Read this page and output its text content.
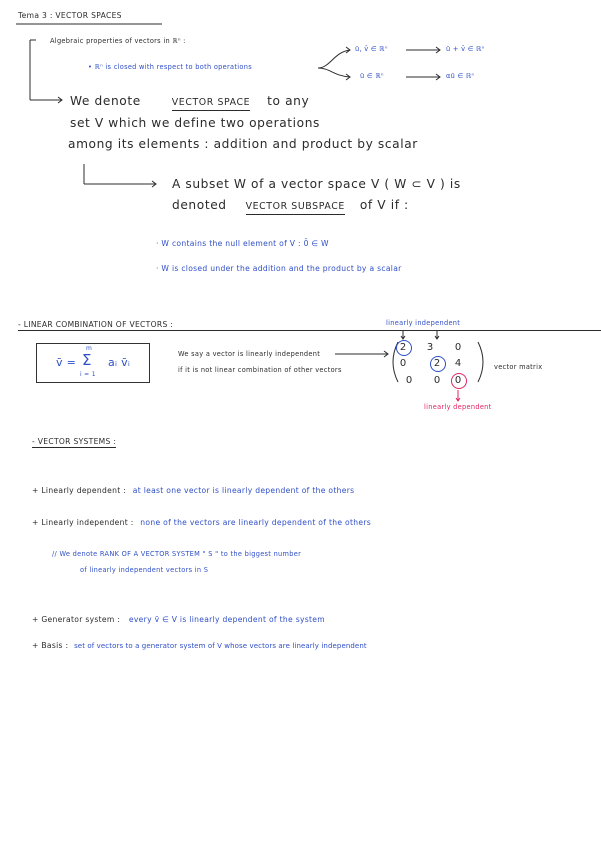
Tema 3 : VECTOR SPACES
Algebraic properties of vectors in ℝⁿ :
• ℝⁿ is closed with respect to both operations
ū, v̄ ∈ ℝⁿ	ū + v̄ ∈ ℝⁿ
ū ∈ ℝⁿ	αū ∈ ℝⁿ
We denote	VECTOR SPACE to any
set V which we define two operations
among its elements : addition and product by scalar
A subset W of a vector space V ( W ⊂ V ) is
denoted VECTOR SUBSPACE of V if :
· W contains the null element of V : 0̄ ∈ W
· W is closed under the addition and the product by a scalar
- LINEAR COMBINATION OF VECTORS :
v̄ =
m
Σ
i = 1
aᵢ v̄ᵢ
We say a vector is linearly independent
if it is not linear combination of other vectors
linearly independent
linearly dependent
vector matrix
2	3	0
0	2	4
0	0	0
- VECTOR SYSTEMS :
+ Linearly dependent : at least one vector is linearly dependent of the others
+ Linearly independent : none of the vectors are linearly dependent of the others
// We denote RANK OF A VECTOR SYSTEM " S " to the biggest number
of linearly independent vectors in S
+ Generator system : every v̄ ∈ V is linearly dependent of the system
+ Basis : set of vectors to a generator system of V whose vectors are linearly independent
